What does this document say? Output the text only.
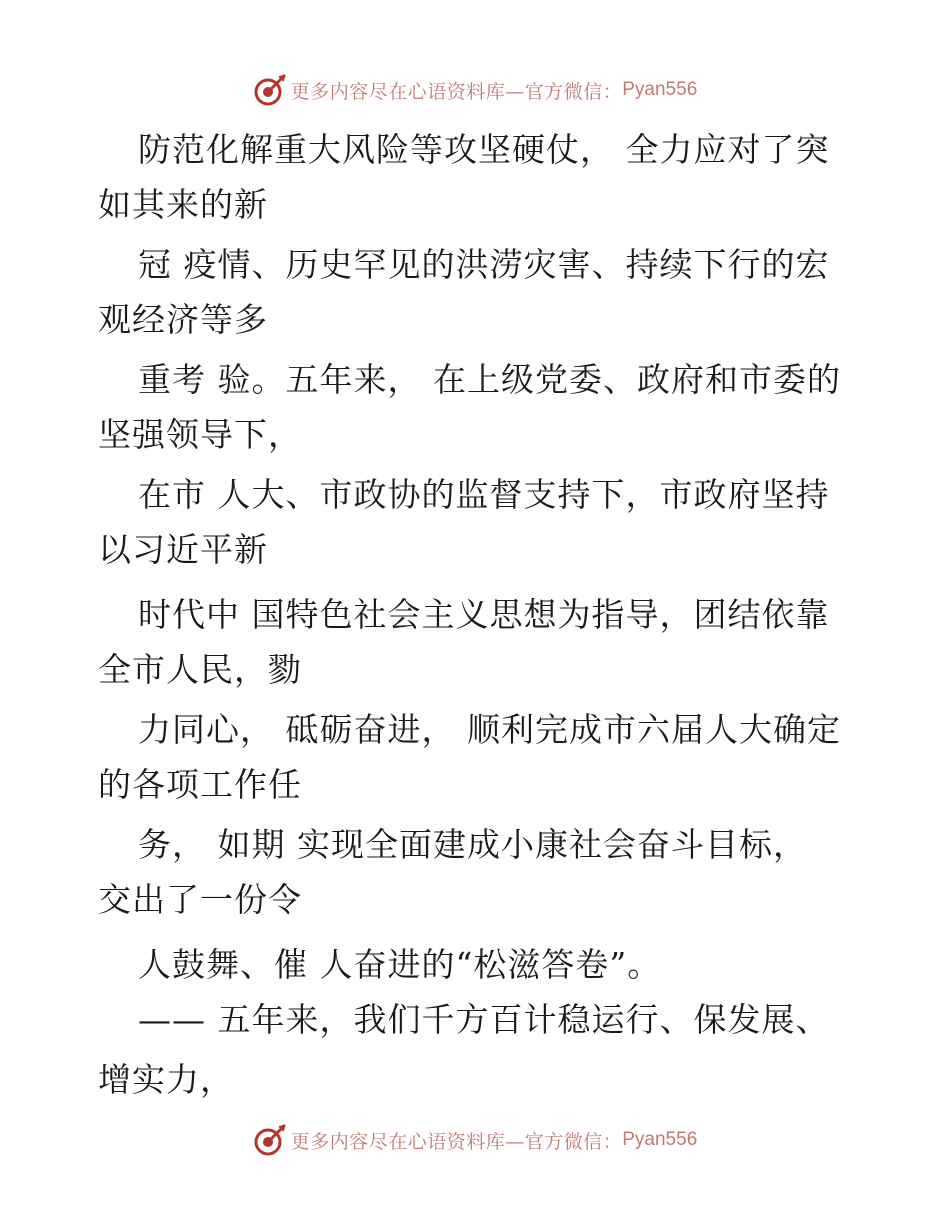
更多内容尽在心语资料库—官方微信： Pyan556
防范化解重大风险等攻坚硬仗， 全力应对了突
如其来的新
冠 疫情、历史罕见的洪涝灾害、持续下行的宏
观经济等多
重考 验。五年来， 在上级党委、政府和市委的
坚强领导下，
在市 人大、市政协的监督支持下，市政府坚持
以习近平新
时代中 国特色社会主义思想为指导，团结依靠
全市人民，勠
力同心， 砥砺奋进， 顺利完成市六届人大确定
的各项工作任
务， 如期 实现全面建成小康社会奋斗目标，
交出了一份令
人鼓舞、催 人奋进的“松滋答卷”。
—— 五年来，我们千方百计稳运行、保发展、
增实力，
更多内容尽在心语资料库—官方微信： Pyan556
